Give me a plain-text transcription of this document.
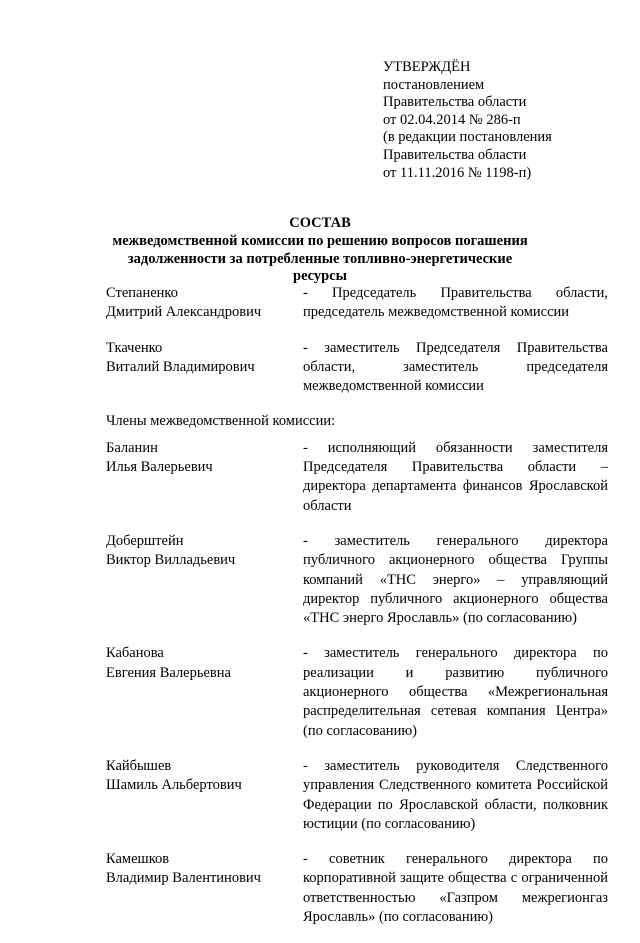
УТВЕРЖДЁН
постановлением
Правительства области
от 02.04.2014 № 286-п
(в редакции постановления
Правительства области
от 11.11.2016 № 1198-п)
СОСТАВ
межведомственной комиссии по решению вопросов погашения задолженности за потребленные топливно-энергетические ресурсы
Степаненко
Дмитрий Александрович
- Председатель Правительства области, председатель межведомственной комиссии
Ткаченко
Виталий Владимирович
- заместитель Председателя Правительства области, заместитель председателя межведомственной комиссии
Члены межведомственной комиссии:
Баланин
Илья Валерьевич
- исполняющий обязанности заместителя Председателя Правительства области – директора департамента финансов Ярославской области
Доберштейн
Виктор Вилладьевич
- заместитель генерального директора публичного акционерного общества Группы компаний «ТНС энерго» – управляющий директор публичного акционерного общества «ТНС энерго Ярославль» (по согласованию)
Кабанова
Евгения Валерьевна
- заместитель генерального директора по реализации и развитию публичного акционерного общества «Межрегиональная распределительная сетевая компания Центра» (по согласованию)
Кайбышев
Шамиль Альбертович
- заместитель руководителя Следственного управления Следственного комитета Российской Федерации по Ярославской области, полковник юстиции (по согласованию)
Камешков
Владимир Валентинович
- советник генерального директора по корпоративной защите общества с ограниченной ответственностью «Газпром межрегионгаз Ярославль» (по согласованию)
